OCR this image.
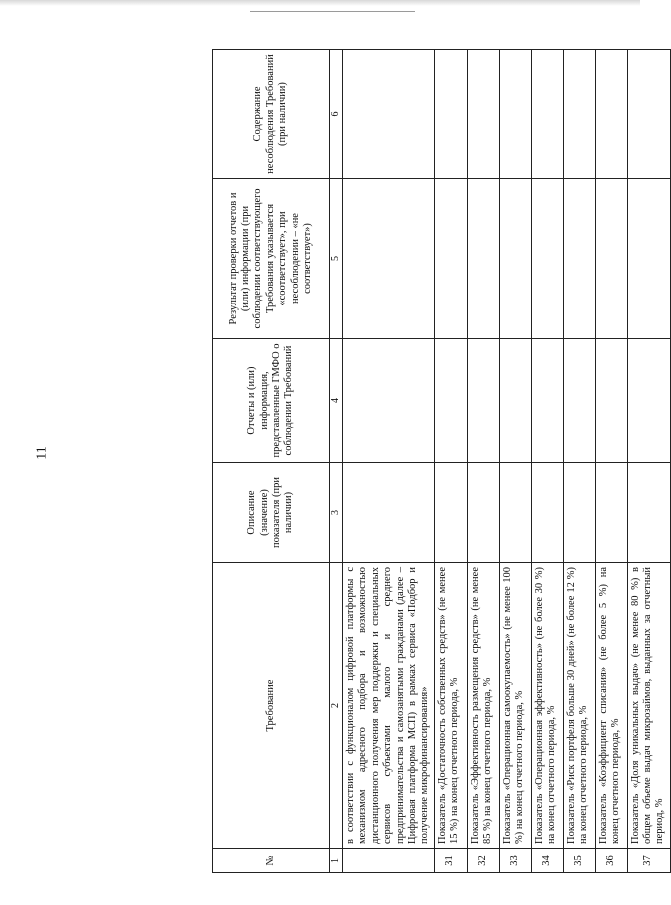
11
№	Требование	Описание (значение) показателя (при наличии)	Отчеты и (или) информация, представленные ГМФО о соблюдении Требований	Результат проверки отчетов и (или) информации (при соблюдении соответствующего Требования указывается «соответствует», при несоблюдении – «не соответствует»)	Содержание несоблюдения Требований (при наличии)
1	2	3	4	5	6
	в соответствии с функционалом цифровой платформы с механизмом адресного подбора и возможностью дистанционного получения мер поддержки и специальных сервисов субъектами малого и среднего предпринимательства и самозанятыми гражданами (далее – Цифровая платформа МСП) в рамках сервиса «Подбор и получение микрофинансирования»				
31	Показатель «Достаточность собственных средств» (не менее 15 %) на конец отчетного периода, %				
32	Показатель «Эффективность размещения средств» (не менее 85 %) на конец отчетного периода, %				
33	Показатель «Операционная самоокупаемость» (не менее 100 %) на конец отчетного периода, %				
34	Показатель «Операционная эффективность» (не более 30 %) на конец отчетного периода, %				
35	Показатель «Риск портфеля больше 30 дней» (не более 12 %) на конец отчетного периода, %				
36	Показатель «Коэффициент списания» (не более 5 %) на конец отчетного периода, %				
37	Показатель «Доля уникальных выдач» (не менее 80 %) в общем объеме выдач микрозаймов, выданных за отчетный период, %				
